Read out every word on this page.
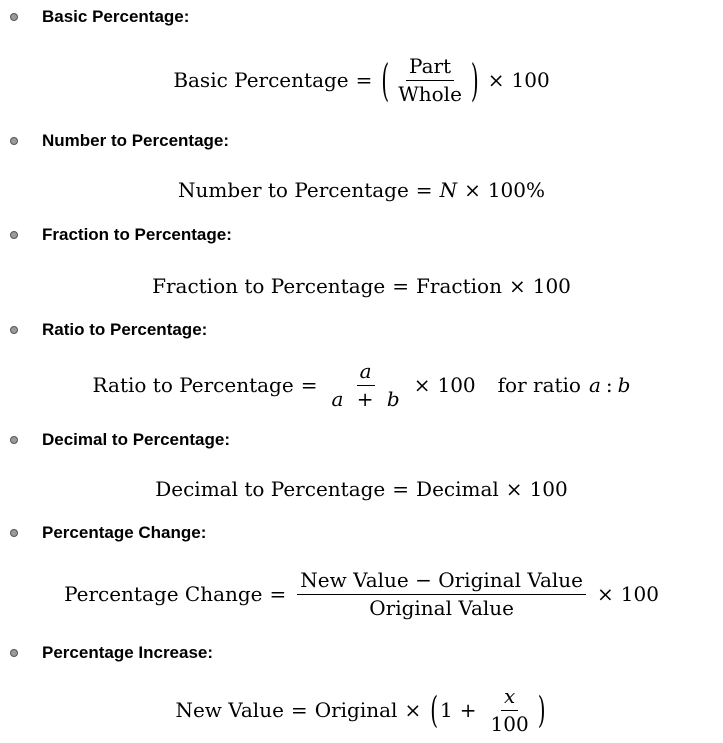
Basic Percentage:
Basic Percentage = ( $\frac{\text{Part}}{\text{Whole}}$ ) × 100
Number to Percentage:
Number to Percentage = N × 100%
Fraction to Percentage:
Fraction to Percentage = Fraction × 100
Ratio to Percentage:
Ratio to Percentage = $\frac{a}{a + b} \times 100$ for ratio a : b
Decimal to Percentage:
Decimal to Percentage = Decimal × 100
Percentage Change:
Percentage Change = $\frac{\text{New Value − Original Value}}{\text{Original Value}} \times 100$
Percentage Increase:
New Value = Original × ( $1 + \frac{x}{100}$ )
